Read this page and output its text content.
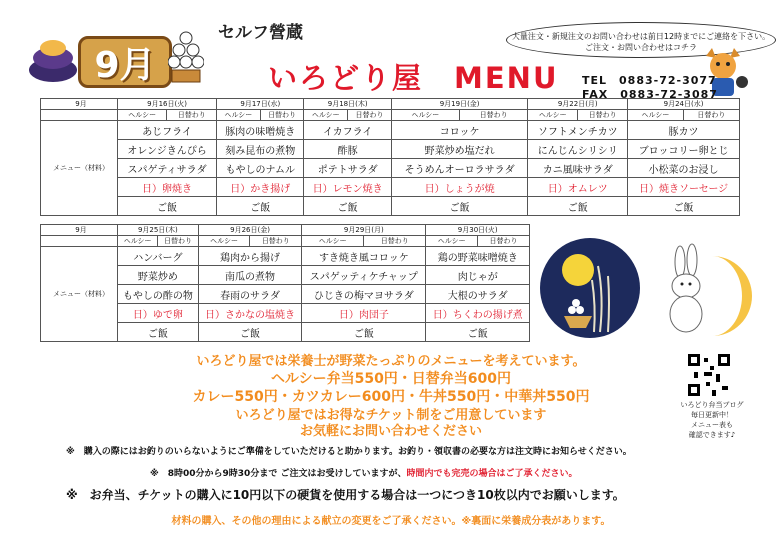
9月
セルフ營蔵
いろどり屋　MENU
大量注文・新規注文のお問い合わせは前日12時までにご連絡を下さい。
ご注文・お問い合わせはコチラ
TEL　0883-72-3077
FAX　0883-72-3087
9月	9月16日(火)		9月17日(水)		9月18日(木)		9月19日(金)		9月22日(月)		9月24日(水)	
	ヘルシー	日替わり	ヘルシー	日替わり	ヘルシー	日替わり	ヘルシー	日替わり	ヘルシー	日替わり	ヘルシー	日替わり
メニュー（材料）	あじフライ		豚肉の味噌焼き		イカフライ		コロッケ		ソフトメンチカツ		豚カツ	
	オレンジきんぴら		刻み昆布の煮物		酢豚		野菜炒め塩だれ		にんじんシリシリ		ブロッコリー卵とじ	
	スパゲティサラダ		もやしのナムル		ポテトサラダ		そうめんオーロラサラダ		カニ風味サラダ		小松菜のお浸し	
	日）卵焼き		日）かき揚げ		日）レモン焼き		日）しょうが焼		日）オムレツ		日）焼きソーセージ	
	ご飯		ご飯		ご飯		ご飯		ご飯		ご飯	
9月	9月25日(木)		9月26日(金)		9月29日(月)		9月30日(火)	
	ヘルシー	日替わり	ヘルシー	日替わり	ヘルシー	日替わり	ヘルシー	日替わり
メニュー（材料）	ハンバーグ		鶏肉から揚げ		すき焼き風コロッケ		鶏の野菜味噌焼き	
	野菜炒め		南瓜の煮物		スパゲッティケチャップ		肉じゃが	
	もやしの酢の物		春雨のサラダ		ひじきの梅マヨサラダ		大根のサラダ	
	日）ゆで卵		日）さかなの塩焼き		日）肉団子		日）ちくわの揚げ煮	
	ご飯		ご飯		ご飯		ご飯	
いろどり弁当ブログ
毎日更新中！
メニュー表も
確認できます♪
いろどり屋では栄養士が野菜たっぷりのメニューを考えています。
ヘルシー弁当550円・日替弁当600円
カレー550円・カツカレー600円・牛丼550円・中華丼550円
いろどり屋ではお得なチケット制をご用意しています
お気軽にお問い合わせください
※　購入の際にはお釣りのいらないようにご準備をしていただけると助かります。お釣り・領収書の必要な方は注文時にお知らせください。
※　8時00分から9時30分まで ご注文はお受けしていますが、時間内でも完売の場合はご了承ください。
※　お弁当、チケットの購入に10円以下の硬貨を使用する場合は一つにつき10枚以内でお願いします。
材料の購入、その他の理由による献立の変更をご了承ください。※裏面に栄養成分表があります。
